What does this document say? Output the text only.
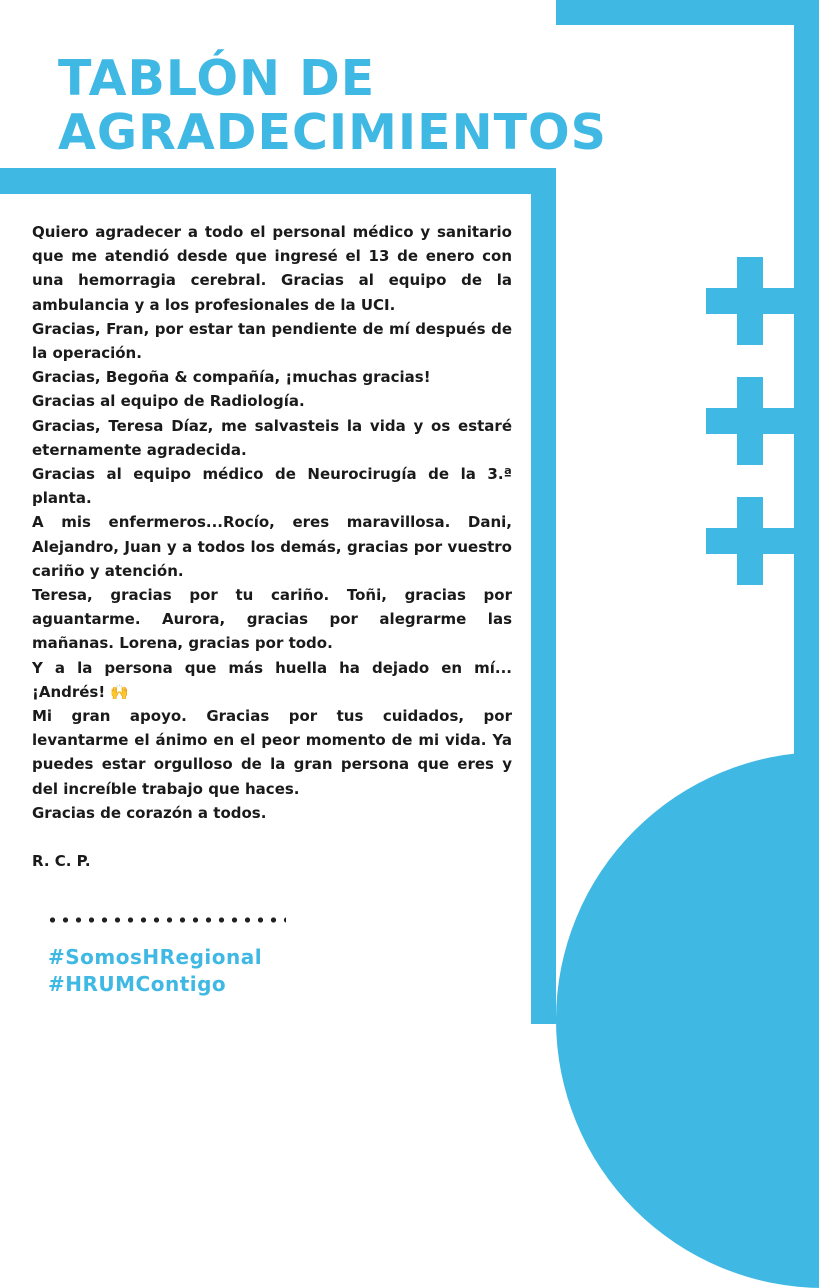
TABLÓN DE
AGRADECIMIENTOS

Quiero agradecer a todo el personal médico y sanitario que me atendió desde que ingresé el 13 de enero con una hemorragia cerebral. Gracias al equipo de la ambulancia y a los profesionales de la UCI.

Gracias, Fran, por estar tan pendiente de mí después de la operación.

Gracias, Begoña & compañía, ¡muchas gracias!

Gracias al equipo de Radiología.

Gracias, Teresa Díaz, me salvasteis la vida y os estaré eternamente agradecida.

Gracias al equipo médico de Neurocirugía de la 3.ª planta.

A mis enfermeros...Rocío, eres maravillosa. Dani, Alejandro, Juan y a todos los demás, gracias por vuestro cariño y atención.

Teresa, gracias por tu cariño. Toñi, gracias por aguantarme. Aurora, gracias por alegrarme las mañanas. Lorena, gracias por todo.

Y a la persona que más huella ha dejado en mí... ¡Andrés! 🙌

Mi gran apoyo. Gracias por tus cuidados, por levantarme el ánimo en el peor momento de mi vida. Ya puedes estar orgulloso de la gran persona que eres y del increíble trabajo que haces.

Gracias de corazón a todos.

R. C. P.

#SomosHRegional
#HRUMContigo
